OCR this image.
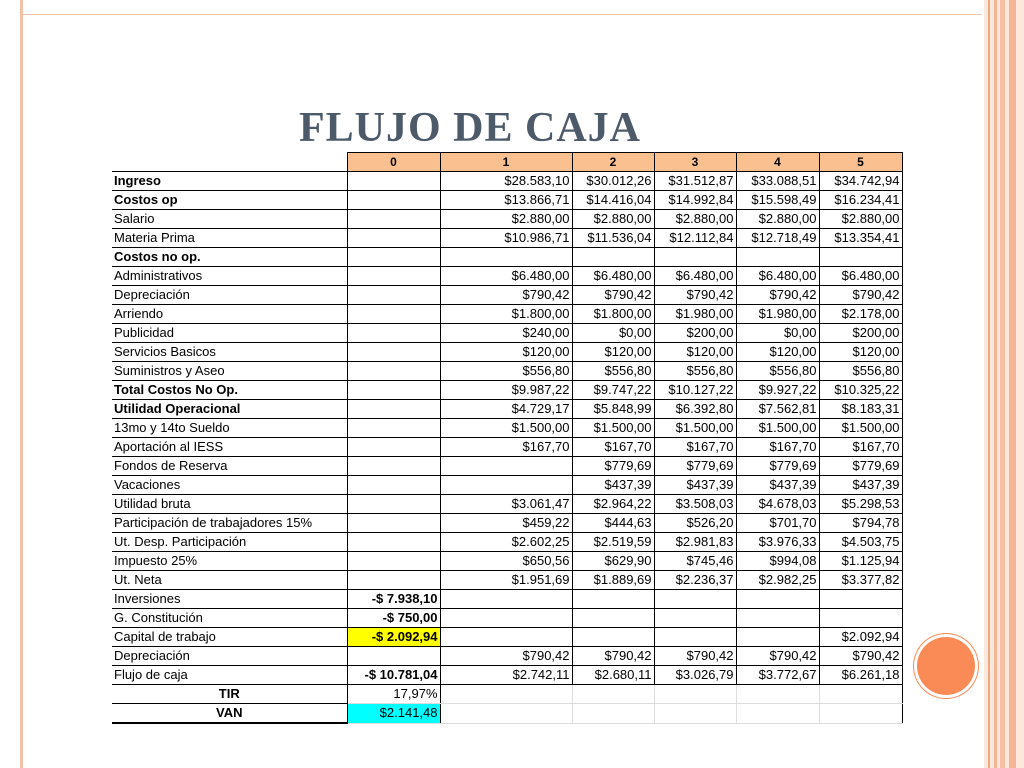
FLUJO DE CAJA
	0	1	2	3	4	5
Ingreso		$28.583,10	$30.012,26	$31.512,87	$33.088,51	$34.742,94
Costos op		$13.866,71	$14.416,04	$14.992,84	$15.598,49	$16.234,41
Salario		$2.880,00	$2.880,00	$2.880,00	$2.880,00	$2.880,00
Materia Prima		$10.986,71	$11.536,04	$12.112,84	$12.718,49	$13.354,41
Costos no op.						
Administrativos		$6.480,00	$6.480,00	$6.480,00	$6.480,00	$6.480,00
Depreciación		$790,42	$790,42	$790,42	$790,42	$790,42
Arriendo		$1.800,00	$1.800,00	$1.980,00	$1.980,00	$2.178,00
Publicidad		$240,00	$0,00	$200,00	$0,00	$200,00
Servicios Basicos		$120,00	$120,00	$120,00	$120,00	$120,00
Suministros y Aseo		$556,80	$556,80	$556,80	$556,80	$556,80
Total Costos No Op.		$9.987,22	$9.747,22	$10.127,22	$9.927,22	$10.325,22
Utilidad Operacional		$4.729,17	$5.848,99	$6.392,80	$7.562,81	$8.183,31
13mo y 14to Sueldo		$1.500,00	$1.500,00	$1.500,00	$1.500,00	$1.500,00
Aportación al IESS		$167,70	$167,70	$167,70	$167,70	$167,70
Fondos de Reserva			$779,69	$779,69	$779,69	$779,69
Vacaciones			$437,39	$437,39	$437,39	$437,39
Utilidad bruta		$3.061,47	$2.964,22	$3.508,03	$4.678,03	$5.298,53
Participación de trabajadores 15%		$459,22	$444,63	$526,20	$701,70	$794,78
Ut. Desp. Participación		$2.602,25	$2.519,59	$2.981,83	$3.976,33	$4.503,75
Impuesto 25%		$650,56	$629,90	$745,46	$994,08	$1.125,94
Ut. Neta		$1.951,69	$1.889,69	$2.236,37	$2.982,25	$3.377,82
Inversiones	-$ 7.938,10					
G. Constitución	-$ 750,00					
Capital de trabajo	-$ 2.092,94					$2.092,94
Depreciación		$790,42	$790,42	$790,42	$790,42	$790,42
Flujo de caja	-$ 10.781,04	$2.742,11	$2.680,11	$3.026,79	$3.772,67	$6.261,18
TIR	17,97%					
VAN	$2.141,48					
